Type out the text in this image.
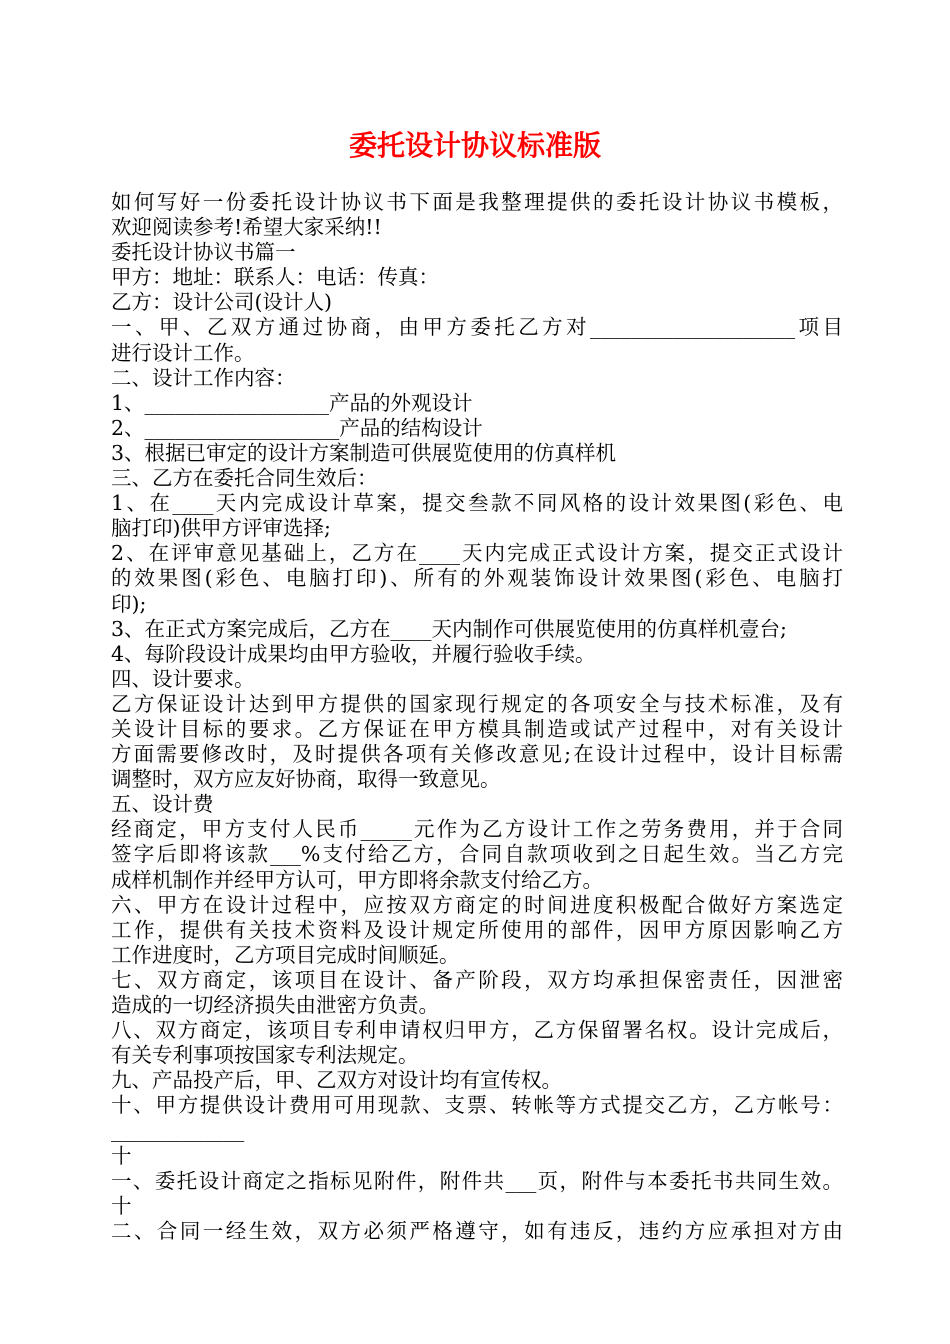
委托设计协议标准版
如何写好一份委托设计协议书下面是我整理提供的委托设计协议书模板，
欢迎阅读参考!希望大家采纳!!
委托设计协议书篇一
甲方：地址：联系人：电话：传真：
乙方：设计公司(设计人)
一、甲、乙双方通过协商，由甲方委托乙方对____________________项目
进行设计工作。
二、设计工作内容：
1、__________________产品的外观设计
2、___________________产品的结构设计
3、根据已审定的设计方案制造可供展览使用的仿真样机
三、乙方在委托合同生效后：
1、在____天内完成设计草案，提交叁款不同风格的设计效果图(彩色、电
脑打印)供甲方评审选择;
2、在评审意见基础上，乙方在____天内完成正式设计方案，提交正式设计
的效果图(彩色、电脑打印)、所有的外观装饰设计效果图(彩色、电脑打
印);
3、在正式方案完成后，乙方在____天内制作可供展览使用的仿真样机壹台;
4、每阶段设计成果均由甲方验收，并履行验收手续。
四、设计要求。
乙方保证设计达到甲方提供的国家现行规定的各项安全与技术标准，及有
关设计目标的要求。乙方保证在甲方模具制造或试产过程中，对有关设计
方面需要修改时，及时提供各项有关修改意见;在设计过程中，设计目标需
调整时，双方应友好协商，取得一致意见。
五、设计费
经商定，甲方支付人民币_____元作为乙方设计工作之劳务费用，并于合同
签字后即将该款___%支付给乙方，合同自款项收到之日起生效。当乙方完
成样机制作并经甲方认可，甲方即将余款支付给乙方。
六、甲方在设计过程中，应按双方商定的时间进度积极配合做好方案选定
工作，提供有关技术资料及设计规定所使用的部件，因甲方原因影响乙方
工作进度时，乙方项目完成时间顺延。
七、双方商定，该项目在设计、备产阶段，双方均承担保密责任，因泄密
造成的一切经济损失由泄密方负责。
八、双方商定，该项目专利申请权归甲方，乙方保留署名权。设计完成后，
有关专利事项按国家专利法规定。
九、产品投产后，甲、乙双方对设计均有宣传权。
十、甲方提供设计费用可用现款、支票、转帐等方式提交乙方，乙方帐号：
_____________
十
一、委托设计商定之指标见附件，附件共___页，附件与本委托书共同生效。
十
二、合同一经生效，双方必须严格遵守，如有违反，违约方应承担对方由
